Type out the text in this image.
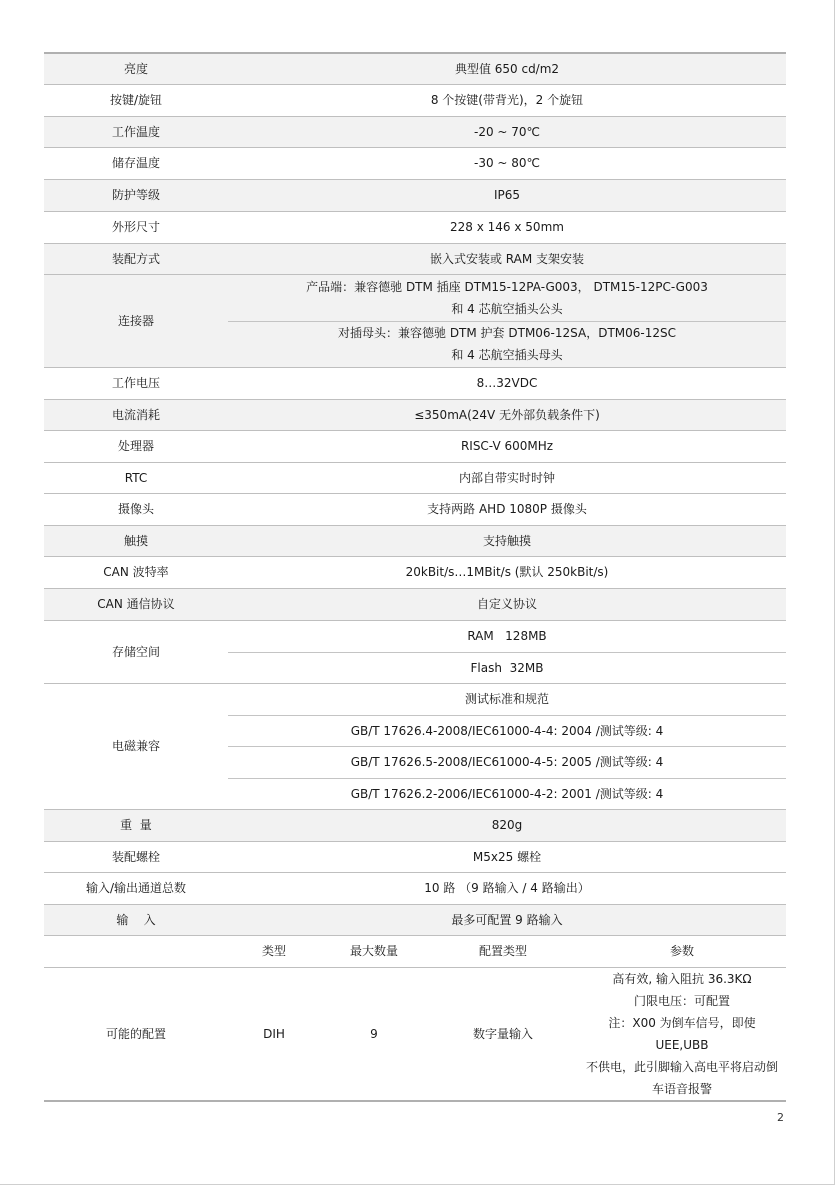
亮度	典型值 650 cd/m2			
按键/旋钮	8 个按键(带背光)，2 个旋钮			
工作温度	-20 ~ 70℃			
储存温度	-30 ~ 80℃			
防护等级	IP65			
外形尺寸	228 x 146 x 50mm			
装配方式	嵌入式安装或 RAM 支架安装			
连接器	产品端：兼容德驰 DTM 插座 DTM15-12PA-G003， DTM15-12PC-G003
和 4 芯航空插头公头			

	对插母头：兼容德驰 DTM 护套 DTM06-12SA，DTM06-12SC
和 4 芯航空插头母头			

工作电压	8…32VDC			
电流消耗	≤350mA(24V 无外部负载条件下)			
处理器	RISC-V 600MHz			
RTC	内部自带实时时钟			
摄像头	支持两路 AHD 1080P 摄像头			
触摸	支持触摸			
CAN 波特率	20kBit/s…1MBit/s (默认 250kBit/s)			
CAN 通信协议	自定义协议			
存储空间	RAM   128MB			
	Flash  32MB			
电磁兼容	测试标准和规范			
	GB/T 17626.4-2008/IEC61000-4-4: 2004 /测试等级: 4			
	GB/T 17626.5-2008/IEC61000-4-5: 2005 /测试等级: 4			
	GB/T 17626.2-2006/IEC61000-4-2: 2001 /测试等级: 4			
重  量	820g			
装配螺栓	M5x25 螺栓			
输入/输出通道总数	10 路 （9 路输入 / 4 路输出）			
输    入	最多可配置 9 路输入			
	类型	最大数量	配置类型	参数
可能的配置	DIH	9	数字量输入	高有效, 输入阻抗 36.3KΩ
门限电压：可配置
注：X00 为倒车信号，即使 UEE,UBB
不供电，此引脚输入高电平将启动倒
车语音报警
2
